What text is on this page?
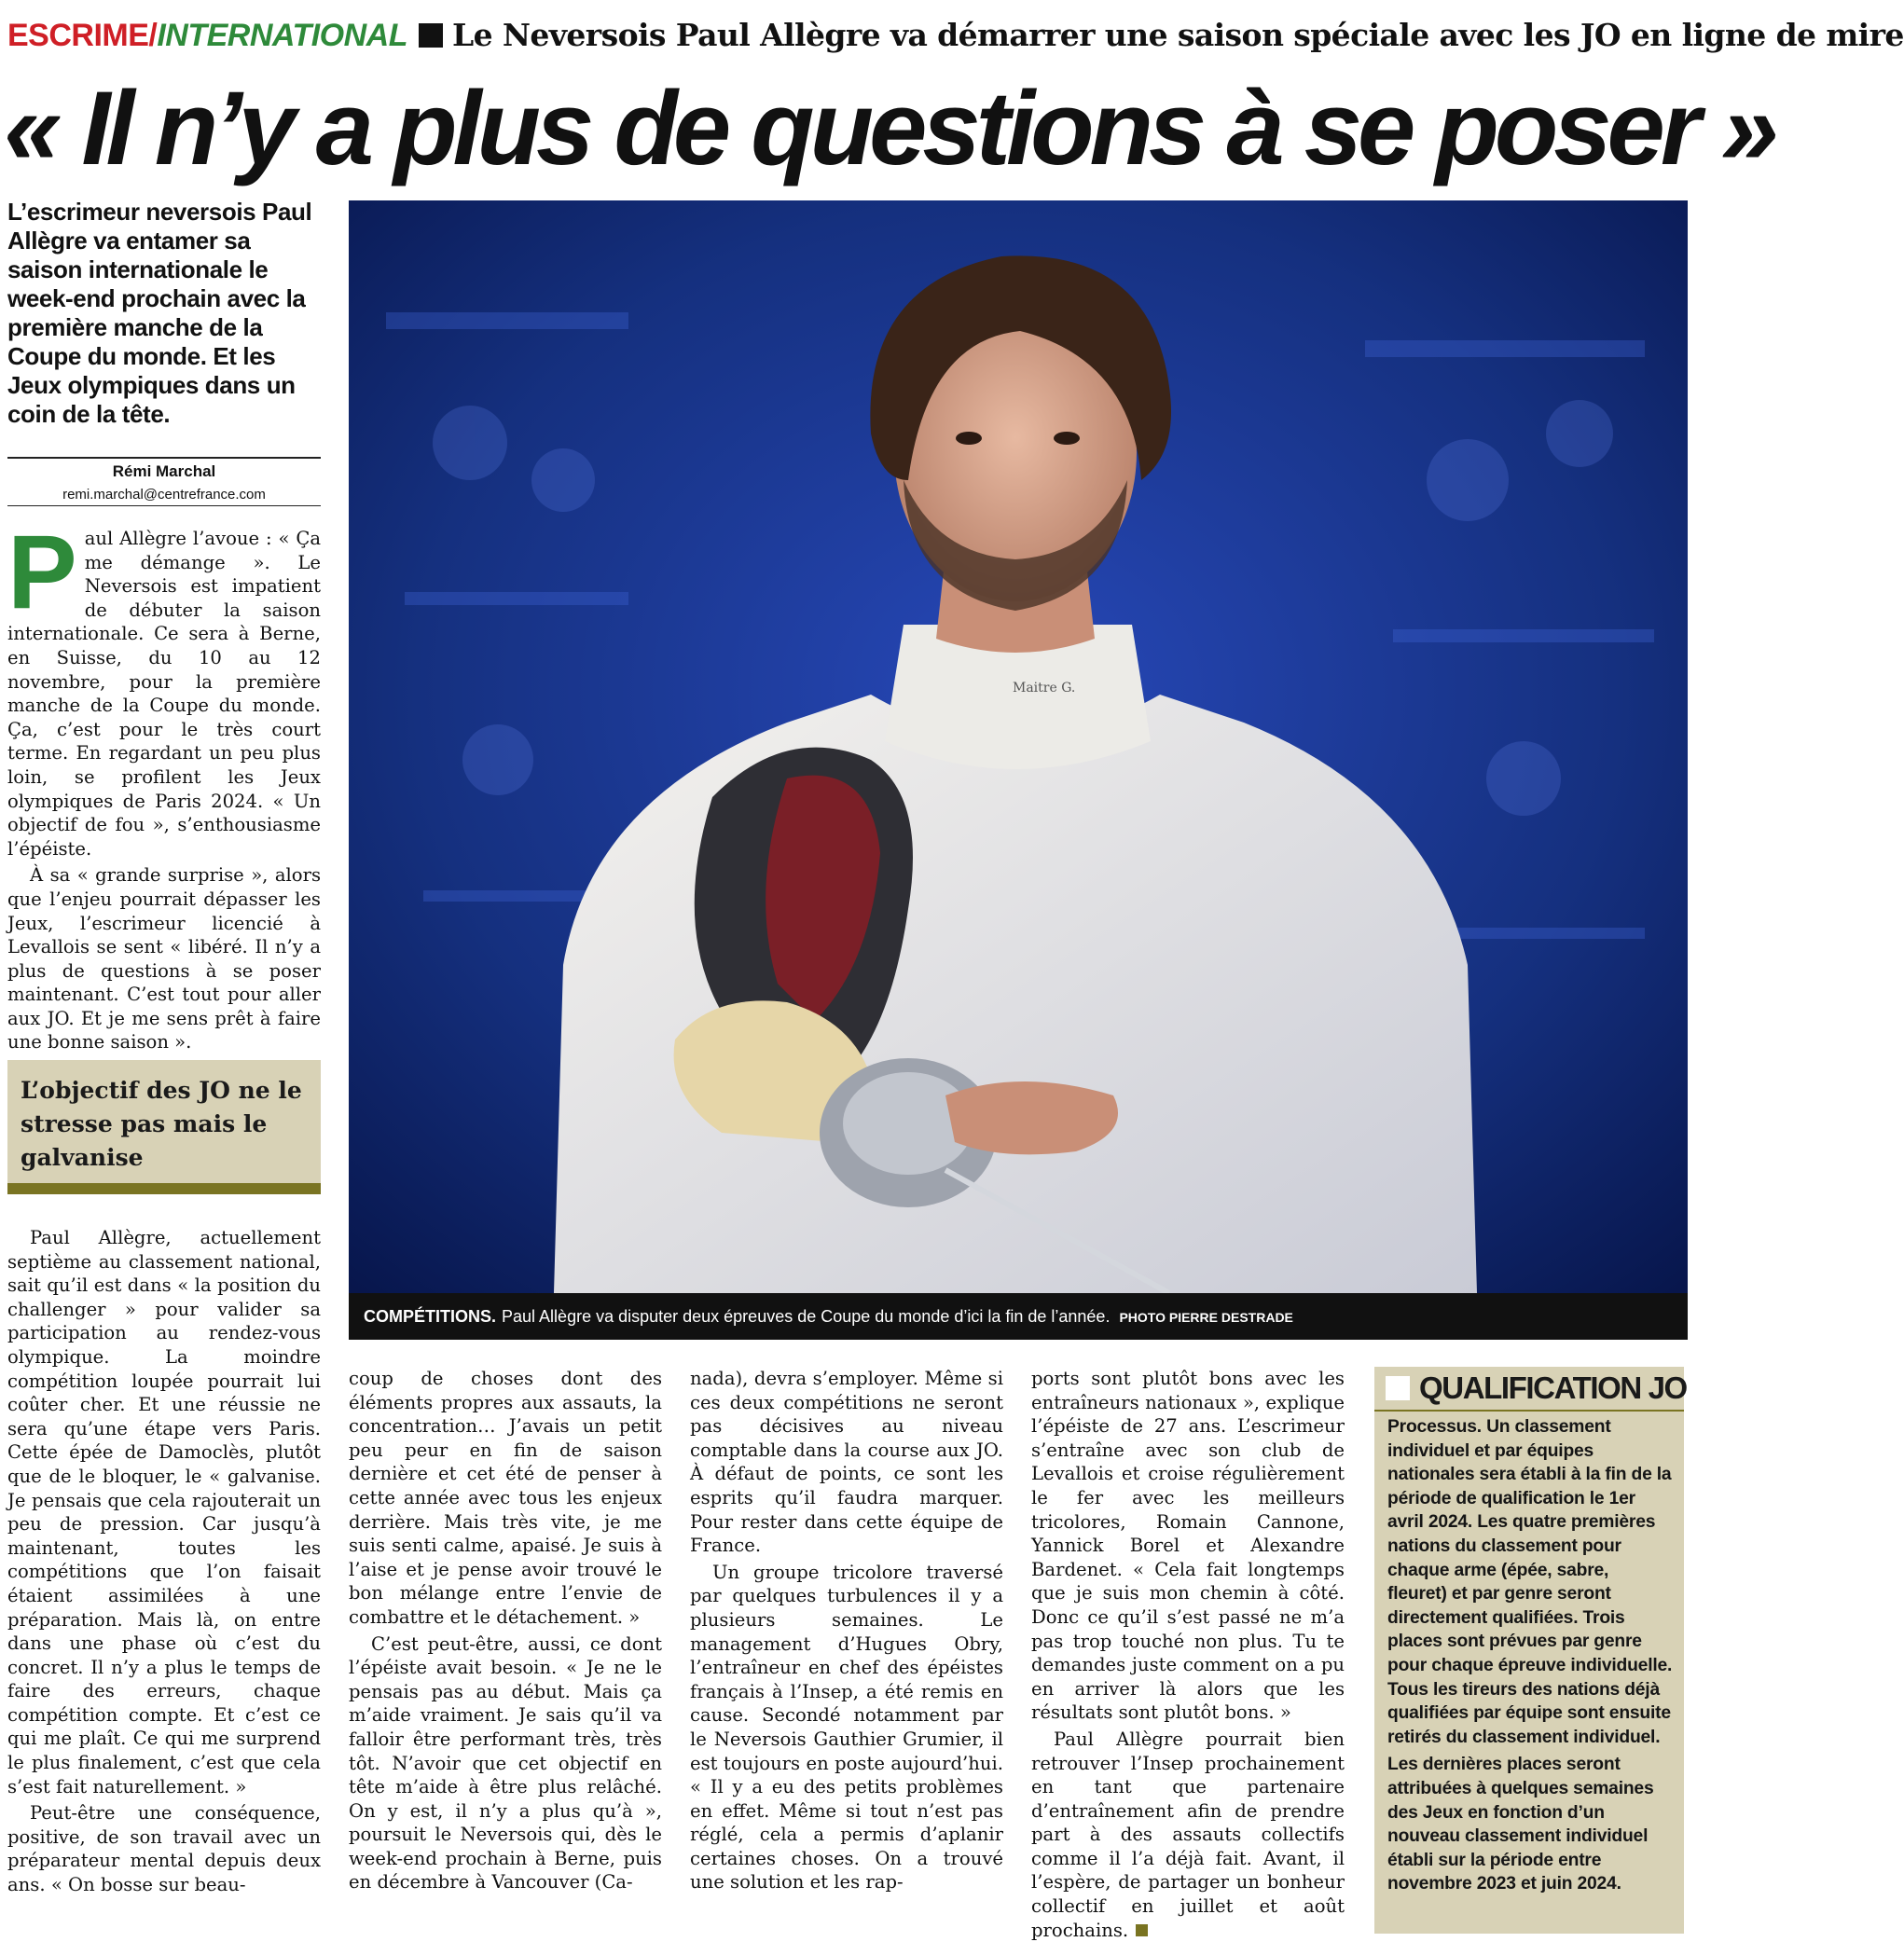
ESCRIME/INTERNATIONAL Le Neversois Paul Allègre va démarrer une saison spéciale avec les JO en ligne de mire
« Il n’y a plus de questions à se poser »
L’escrimeur neversois Paul Allègre va entamer sa saison internationale le week-end prochain avec la première manche de la Coupe du monde. Et les Jeux olympiques dans un coin de la tête.
Rémi Marchal
remi.marchal@centrefrance.com
P aul Allègre l’avoue : « Ça me démange ». Le Neversois est impatient de débuter la saison internationale. Ce sera à Berne, en Suisse, du 10 au 12 novembre, pour la première manche de la Coupe du monde. Ça, c’est pour le très court terme. En regardant un peu plus loin, se profilent les Jeux olympiques de Paris 2024. « Un objectif de fou », s’enthousiasme l’épéiste.

À sa « grande surprise », alors que l’enjeu pourrait dépasser les Jeux, l’escrimeur licencié à Levallois se sent « libéré. Il n’y a plus de questions à se poser maintenant. C’est tout pour aller aux JO. Et je me sens prêt à faire une bonne saison ».

L’objectif des JO ne le stresse pas mais le galvanise

Paul Allègre, actuellement septième au classement national, sait qu’il est dans « la position du challenger » pour valider sa participation au rendez-vous olympique. La moindre compétition loupée pourrait lui coûter cher. Et une réussie ne sera qu’une étape vers Paris. Cette épée de Damoclès, plutôt que de le bloquer, le « galvanise. Je pensais que cela rajouterait un peu de pression. Car jusqu’à maintenant, toutes les compétitions que l’on faisait étaient assimilées à une préparation. Mais là, on entre dans une phase où c’est du concret. Il n’y a plus le temps de faire des erreurs, chaque compétition compte. Et c’est ce qui me plaît. Ce qui me surprend le plus finalement, c’est que cela s’est fait naturellement. »

Peut-être une conséquence, positive, de son travail avec un préparateur mental depuis deux ans. « On bosse sur beau-

coup de choses dont des éléments propres aux assauts, la concentration… J’avais un petit peu peur en fin de saison dernière et cet été de penser à cette année avec tous les enjeux derrière. Mais très vite, je me suis senti calme, apaisé. Je suis à l’aise et je pense avoir trouvé le bon mélange entre l’envie de combattre et le détachement. »

C’est peut-être, aussi, ce dont l’épéiste avait besoin. « Je ne le pensais pas au début. Mais ça m’aide vraiment. Je sais qu’il va falloir être performant très, très tôt. N’avoir que cet objectif en tête m’aide à être plus relâché. On y est, il n’y a plus qu’à », poursuit le Neversois qui, dès le week-end prochain à Berne, puis en décembre à Vancouver (Ca-

nada), devra s’employer. Même si ces deux compétitions ne seront pas décisives au niveau comptable dans la course aux JO. À défaut de points, ce sont les esprits qu’il faudra marquer. Pour rester dans cette équipe de France.

Un groupe tricolore traversé par quelques turbulences il y a plusieurs semaines. Le management d’Hugues Obry, l’entraîneur en chef des épéistes français à l’Insep, a été remis en cause. Secondé notamment par le Neversois Gauthier Grumier, il est toujours en poste aujourd’hui. « Il y a eu des petits problèmes en effet. Même si tout n’est pas réglé, cela a permis d’aplanir certaines choses. On a trouvé une solution et les rap-

ports sont plutôt bons avec les entraîneurs nationaux », explique l’épéiste de 27 ans. L’escrimeur s’entraîne avec son club de Levallois et croise régulièrement le fer avec les meilleurs tricolores, Romain Cannone, Yannick Borel et Alexandre Bardenet. « Cela fait longtemps que je suis mon chemin à côté. Donc ce qu’il s’est passé ne m’a pas trop touché non plus. Tu te demandes juste comment on a pu en arriver là alors que les résultats sont plutôt bons. »

Paul Allègre pourrait bien retrouver l’Insep prochainement en tant que partenaire d’entraînement afin de prendre part à des assauts collectifs comme il l’a déjà fait. Avant, il l’espère, de partager un bonheur collectif en juillet et août prochains.

Maitre G.
COMPÉTITIONS. Paul Allègre va disputer deux épreuves de Coupe du monde d’ici la fin de l’année. PHOTO PIERRE DESTRADE
QUALIFICATION JO

Processus. Un classement individuel et par équipes nationales sera établi à la fin de la période de qualification le 1er avril 2024. Les quatre premières nations du classement pour chaque arme (épée, sabre, fleuret) et par genre seront directement qualifiées. Trois places sont prévues par genre pour chaque épreuve individuelle. Tous les tireurs des nations déjà qualifiées par équipe sont ensuite retirés du classement individuel.

Les dernières places seront attribuées à quelques semaines des Jeux en fonction d’un nouveau classement individuel établi sur la période entre novembre 2023 et juin 2024.
